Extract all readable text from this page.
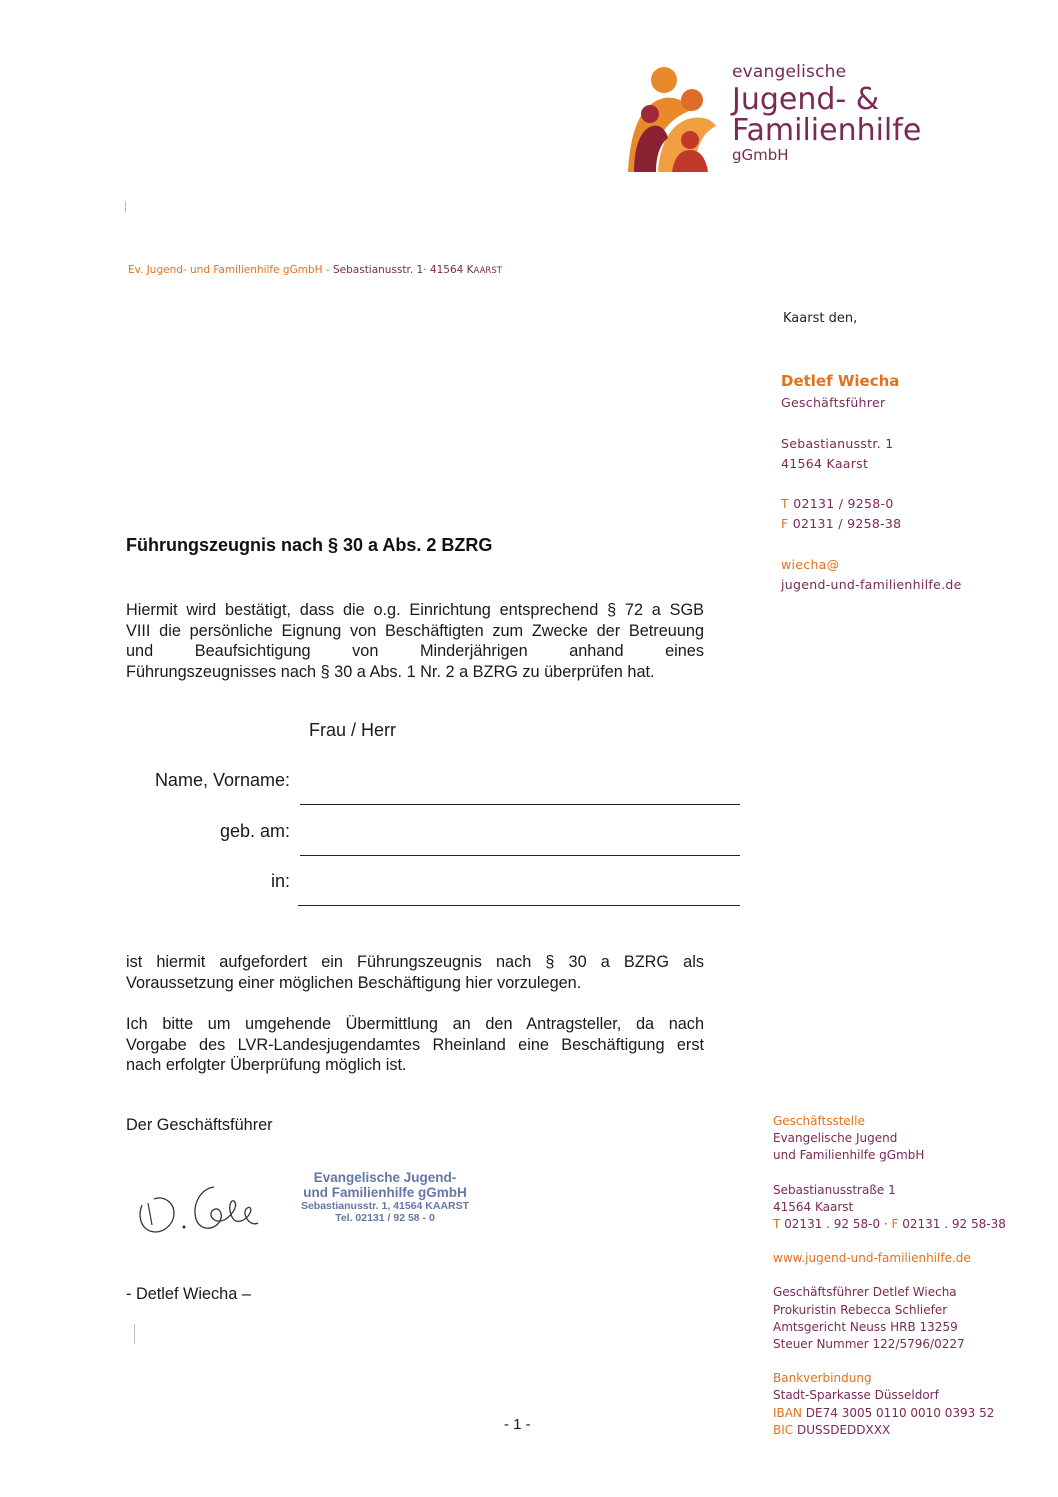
evangelische
Jugend- &
Familienhilfe
gGmbH
Ev. Jugend- und Familienhilfe gGmbH - Sebastianusstr. 1· 41564 KAARST
Kaarst den,
Detlef Wiecha
Geschäftsführer
Sebastianusstr. 1
41564 Kaarst
T 02131 / 9258-0
F 02131 / 9258-38
wiecha@
jugend-und-familienhilfe.de
Führungszeugnis nach § 30 a Abs. 2 BZRG
Hiermit wird bestätigt, dass die o.g. Einrichtung entsprechend § 72 a SGB
VIII die persönliche Eignung von Beschäftigten zum Zwecke der Betreuung
und Beaufsichtigung von Minderjährigen anhand eines
Führungszeugnisses nach § 30 a Abs. 1 Nr. 2 a BZRG zu überprüfen hat.
Frau / Herr
Name, Vorname:
geb. am:
in:
ist hiermit aufgefordert ein Führungszeugnis nach § 30 a BZRG als
Voraussetzung einer möglichen Beschäftigung hier vorzulegen.
Ich bitte um umgehende Übermittlung an den Antragsteller, da nach
Vorgabe des LVR-Landesjugendamtes Rheinland eine Beschäftigung erst
nach erfolgter Überprüfung möglich ist.
Der Geschäftsführer
Evangelische Jugend-
und Familienhilfe gGmbH
Sebastianusstr. 1, 41564 KAARST
Tel. 02131 / 92 58 - 0
- Detlef Wiecha –
- 1 -
Geschäftsstelle
Evangelische Jugend
und Familienhilfe gGmbH
Sebastianusstraße 1
41564 Kaarst
T 02131 . 92 58-0 · F 02131 . 92 58-38
www.jugend-und-familienhilfe.de
Geschäftsführer Detlef Wiecha
Prokuristin Rebecca Schliefer
Amtsgericht Neuss HRB 13259
Steuer Nummer 122/5796/0227
Bankverbindung
Stadt-Sparkasse Düsseldorf
IBAN DE74 3005 0110 0010 0393 52
BIC DUSSDEDDXXX
